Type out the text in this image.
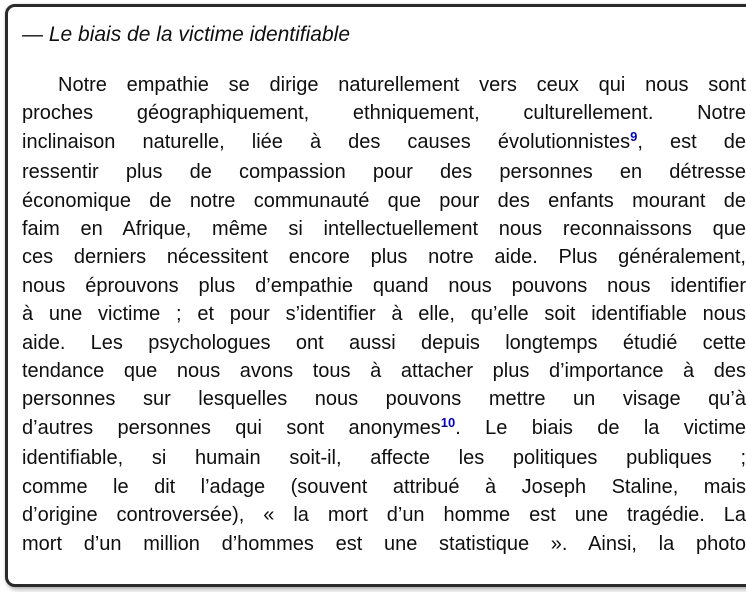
— Le biais de la victime identifiable
Notre empathie se dirige naturellement vers ceux qui nous sont
proches géographiquement, ethniquement, culturellement. Notre
inclinaison naturelle, liée à des causes évolutionnistes$^9$, est de
ressentir plus de compassion pour des personnes en détresse
économique de notre communauté que pour des enfants mourant de
faim en Afrique, même si intellectuellement nous reconnaissons que
ces derniers nécessitent encore plus notre aide. Plus généralement,
nous éprouvons plus d’empathie quand nous pouvons nous identifier
à une victime ; et pour s’identifier à elle, qu’elle soit identifiable nous
aide. Les psychologues ont aussi depuis longtemps étudié cette
tendance que nous avons tous à attacher plus d’importance à des
personnes sur lesquelles nous pouvons mettre un visage qu’à
d’autres personnes qui sont anonymes$^{10}$. Le biais de la victime
identifiable, si humain soit-il, affecte les politiques publiques ;
comme le dit l’adage (souvent attribué à Joseph Staline, mais
d’origine controversée), « la mort d’un homme est une tragédie. La
mort d’un million d’hommes est une statistique ». Ainsi, la photo
